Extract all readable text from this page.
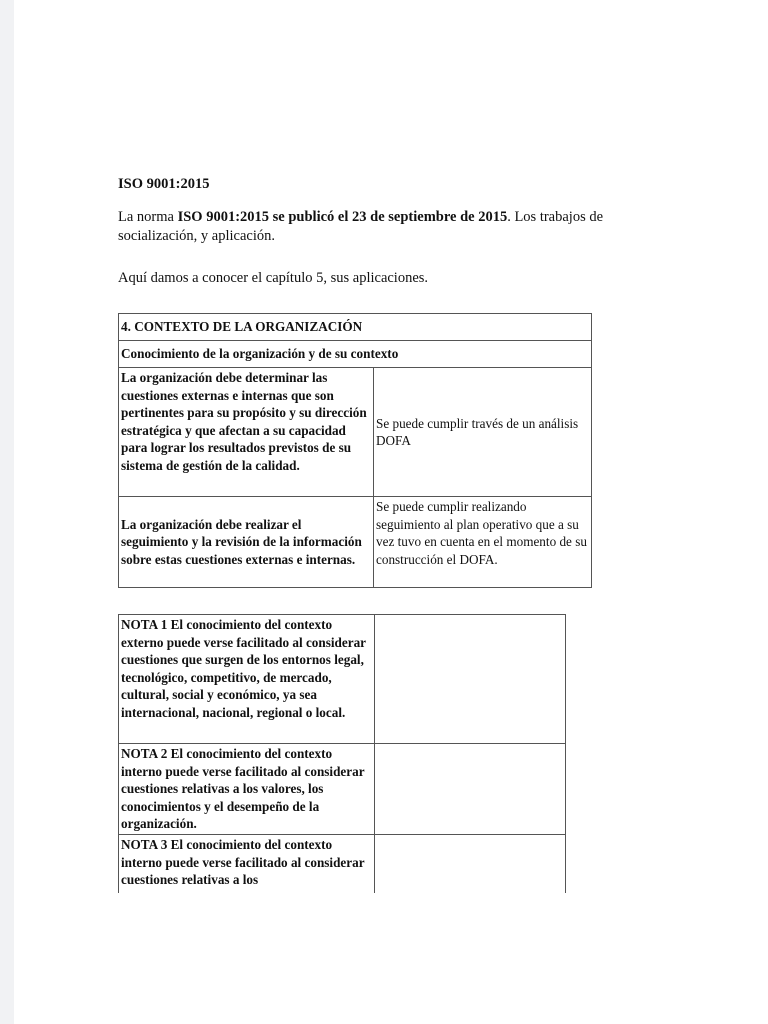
ISO 9001:2015
La norma ISO 9001:2015 se publicó el 23 de septiembre de 2015. Los trabajos de socialización, y aplicación.
Aquí damos a conocer el capítulo 5, sus aplicaciones.
4. CONTEXTO DE LA ORGANIZACIÓN	
Conocimiento de la organización y de su contexto	
La organización debe determinar las cuestiones externas e internas que son pertinentes para su propósito y su dirección estratégica y que afectan a su capacidad para lograr los resultados previstos de su sistema de gestión de la calidad.	Se puede cumplir través de un análisis DOFA
La organización debe realizar el seguimiento y la revisión de la información sobre estas cuestiones externas e internas.	Se puede cumplir realizando seguimiento al plan operativo que a su vez tuvo en cuenta en el momento de su construcción el DOFA.
NOTA 1 El conocimiento del contexto externo puede verse facilitado al considerar cuestiones que surgen de los entornos legal, tecnológico, competitivo, de mercado, cultural, social y económico, ya sea internacional, nacional, regional o local.	
NOTA 2 El conocimiento del contexto interno puede verse facilitado al considerar cuestiones relativas a los valores, los conocimientos y el desempeño de la organización.	
NOTA 3 El conocimiento del contexto interno puede verse facilitado al considerar cuestiones relativas a los	
